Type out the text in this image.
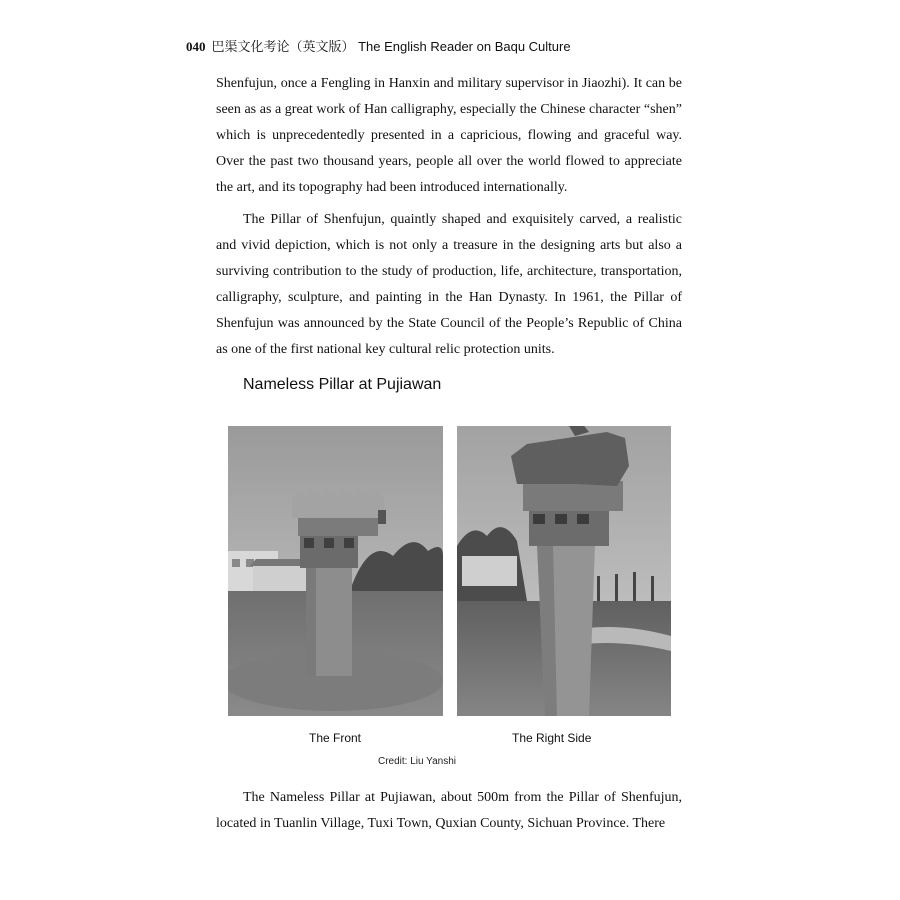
040 巴渠文化考论（英文版） The English Reader on Baqu Culture

Shenfujun, once a Fengling in Hanxin and military supervisor in Jiaozhi). It can be seen as as a great work of Han calligraphy, especially the Chinese character “shen” which is unprecedentedly presented in a capricious, flowing and graceful way. Over the past two thousand years, people all over the world flowed to appreciate the art, and its topography had been introduced internationally.

The Pillar of Shenfujun, quaintly shaped and exquisitely carved, a realistic and vivid depiction, which is not only a treasure in the designing arts but also a surviving contribution to the study of production, life, architecture, transportation, calligraphy, sculpture, and painting in the Han Dynasty. In 1961, the Pillar of Shenfujun was announced by the State Council of the People’s Republic of China as one of the first national key cultural relic protection units.

Nameless Pillar at Pujiawan
The Front	The Right Side
Credit: Liu Yanshi

The Nameless Pillar at Pujiawan, about 500m from the Pillar of Shenfujun, located in Tuanlin Village, Tuxi Town, Quxian County, Sichuan Province. There
